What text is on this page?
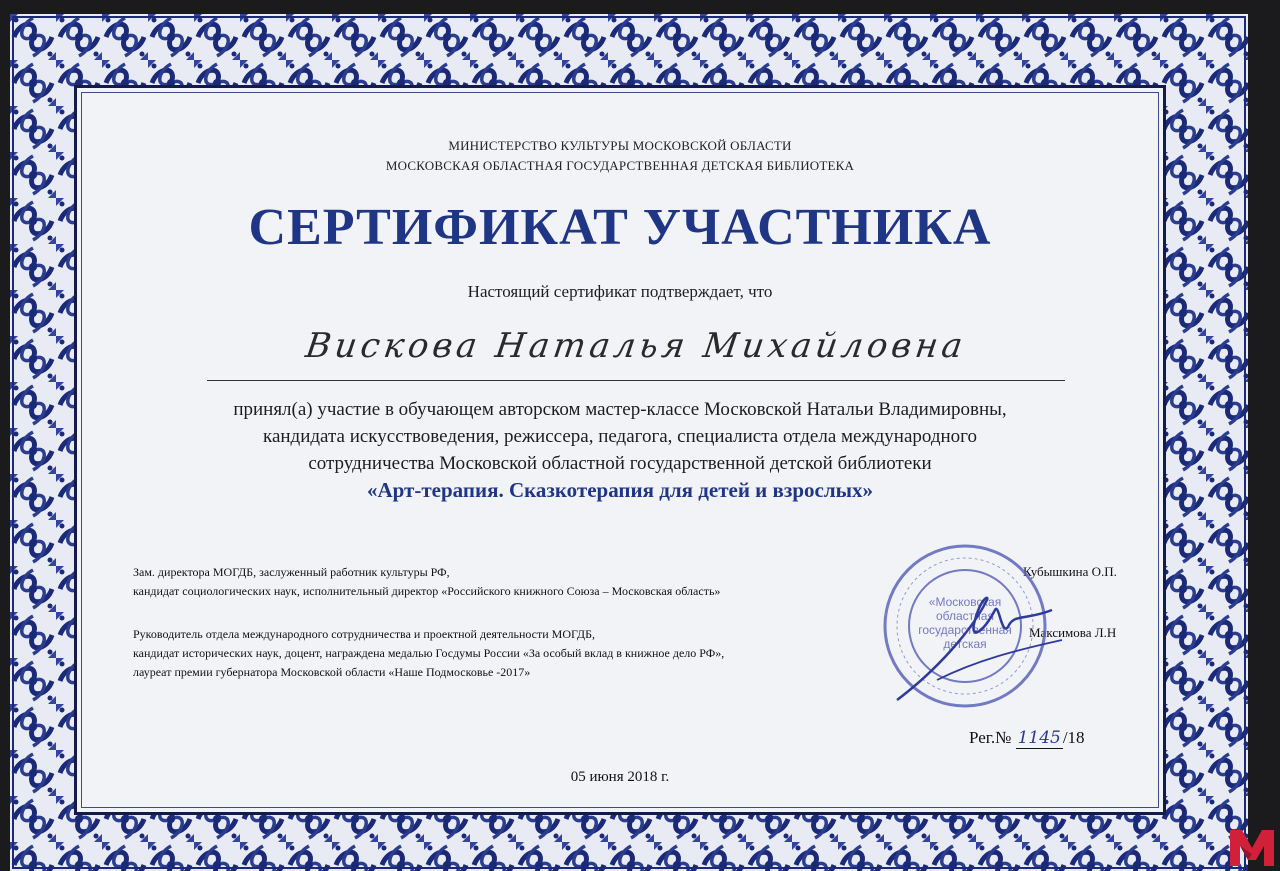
МИНИСТЕРСТВО КУЛЬТУРЫ МОСКОВСКОЙ ОБЛАСТИ
МОСКОВСКАЯ ОБЛАСТНАЯ ГОСУДАРСТВЕННАЯ ДЕТСКАЯ БИБЛИОТЕКА
СЕРТИФИКАТ УЧАСТНИКА
Настоящий сертификат подтверждает, что
Вискова Наталья Михайловна
принял(а) участие в обучающем авторском мастер-классе Московской Натальи Владимировны,
кандидата искусствоведения, режиссера, педагога, специалиста отдела международного
сотрудничества Московской областной государственной детской библиотеки
«Арт-терапия. Сказкотерапия для детей и взрослых»
Зам. директора МОГДБ, заслуженный работник культуры РФ,
кандидат социологических наук, исполнительный директор «Российского книжного Союза – Московская область»
Кубышкина О.П.
Руководитель отдела международного сотрудничества и проектной деятельности МОГДБ,
кандидат исторических наук, доцент, награждена медалью Госдумы России «За особый вклад в книжное дело РФ»,
лауреат премии губернатора Московской области «Наше Подмосковье -2017»
Максимова Л.Н
«Московская
областная
государственная
детская
Рег.№ 1145 /18
05 июня 2018 г.
